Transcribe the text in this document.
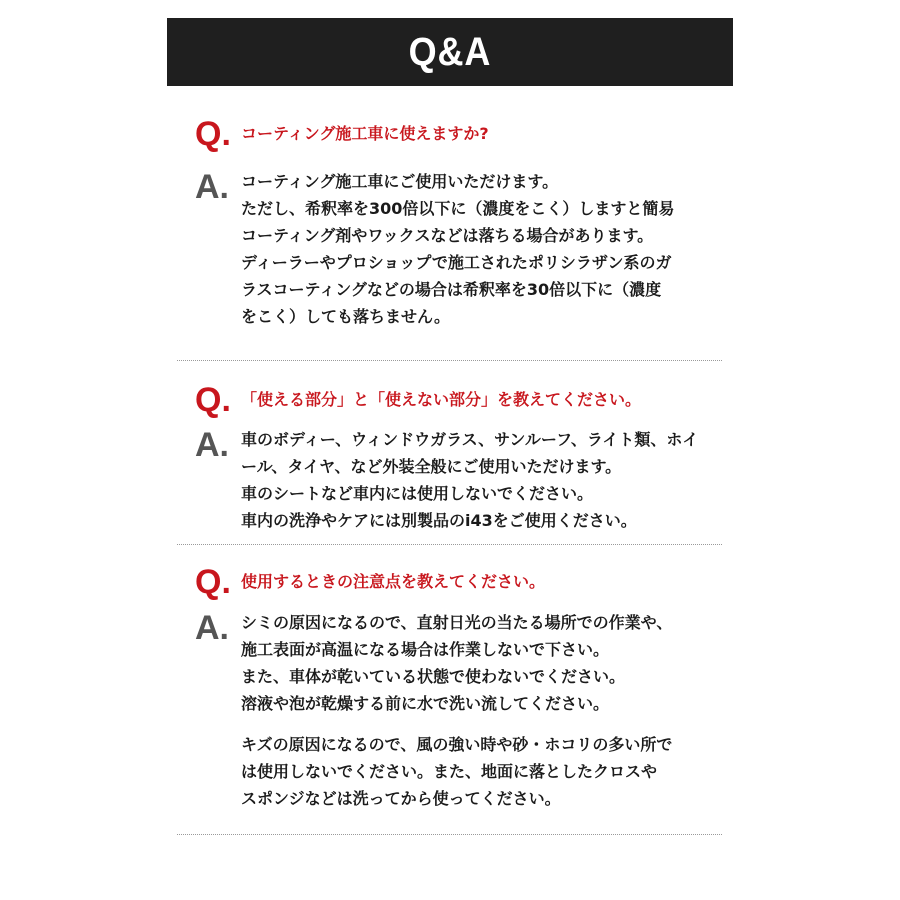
Q&A
Q. コーティング施工車に使えますか?
A. コーティング施工車にご使用いただけます。
ただし、希釈率を300倍以下に（濃度をこく）しますと簡易
コーティング剤やワックスなどは落ちる場合があります。
ディーラーやプロショップで施工されたポリシラザン系のガ
ラスコーティングなどの場合は希釈率を30倍以下に（濃度
をこく）しても落ちません。
Q. 「使える部分」と「使えない部分」を教えてください。
A. 車のボディー、ウィンドウガラス、サンルーフ、ライト類、ホイ
ール、タイヤ、など外装全般にご使用いただけます。
車のシートなど車内には使用しないでください。
車内の洗浄やケアには別製品のi43をご使用ください。
Q. 使用するときの注意点を教えてください。
A. シミの原因になるので、直射日光の当たる場所での作業や、
施工表面が高温になる場合は作業しないで下さい。
また、車体が乾いている状態で使わないでください。
溶液や泡が乾燥する前に水で洗い流してください。
キズの原因になるので、風の強い時や砂・ホコリの多い所で
は使用しないでください。また、地面に落としたクロスや
スポンジなどは洗ってから使ってください。
